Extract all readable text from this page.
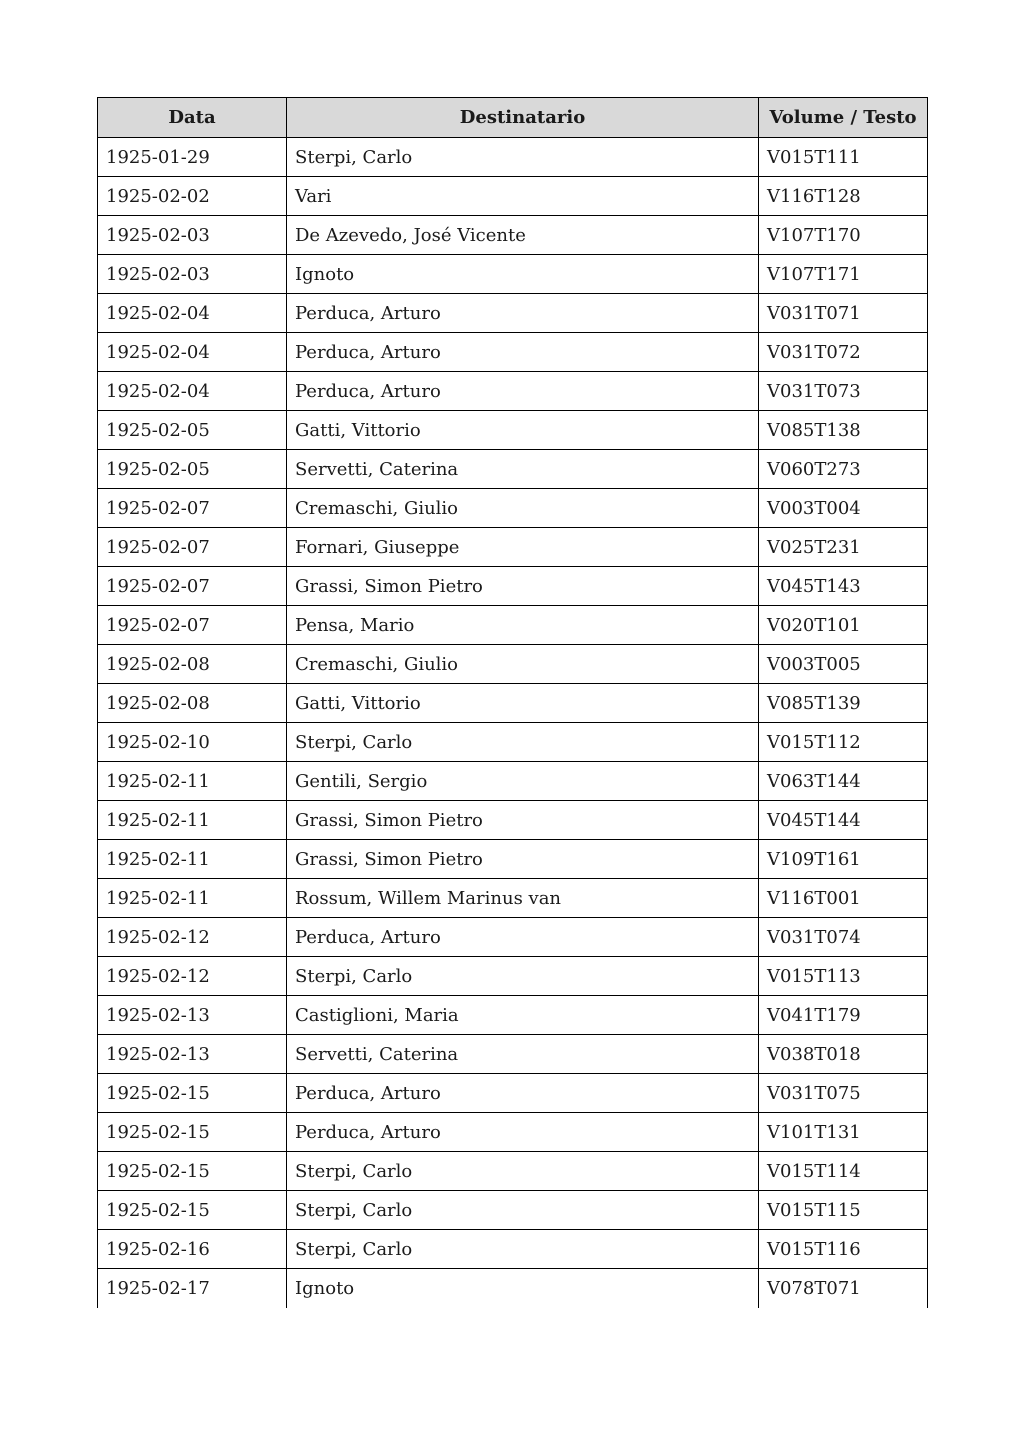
Data	Destinatario	Volume / Testo
1925-01-29	Sterpi, Carlo	V015T111
1925-02-02	Vari	V116T128
1925-02-03	De Azevedo, José Vicente	V107T170
1925-02-03	Ignoto	V107T171
1925-02-04	Perduca, Arturo	V031T071
1925-02-04	Perduca, Arturo	V031T072
1925-02-04	Perduca, Arturo	V031T073
1925-02-05	Gatti, Vittorio	V085T138
1925-02-05	Servetti, Caterina	V060T273
1925-02-07	Cremaschi, Giulio	V003T004
1925-02-07	Fornari, Giuseppe	V025T231
1925-02-07	Grassi, Simon Pietro	V045T143
1925-02-07	Pensa, Mario	V020T101
1925-02-08	Cremaschi, Giulio	V003T005
1925-02-08	Gatti, Vittorio	V085T139
1925-02-10	Sterpi, Carlo	V015T112
1925-02-11	Gentili, Sergio	V063T144
1925-02-11	Grassi, Simon Pietro	V045T144
1925-02-11	Grassi, Simon Pietro	V109T161
1925-02-11	Rossum, Willem Marinus van	V116T001
1925-02-12	Perduca, Arturo	V031T074
1925-02-12	Sterpi, Carlo	V015T113
1925-02-13	Castiglioni, Maria	V041T179
1925-02-13	Servetti, Caterina	V038T018
1925-02-15	Perduca, Arturo	V031T075
1925-02-15	Perduca, Arturo	V101T131
1925-02-15	Sterpi, Carlo	V015T114
1925-02-15	Sterpi, Carlo	V015T115
1925-02-16	Sterpi, Carlo	V015T116
1925-02-17	Ignoto	V078T071
